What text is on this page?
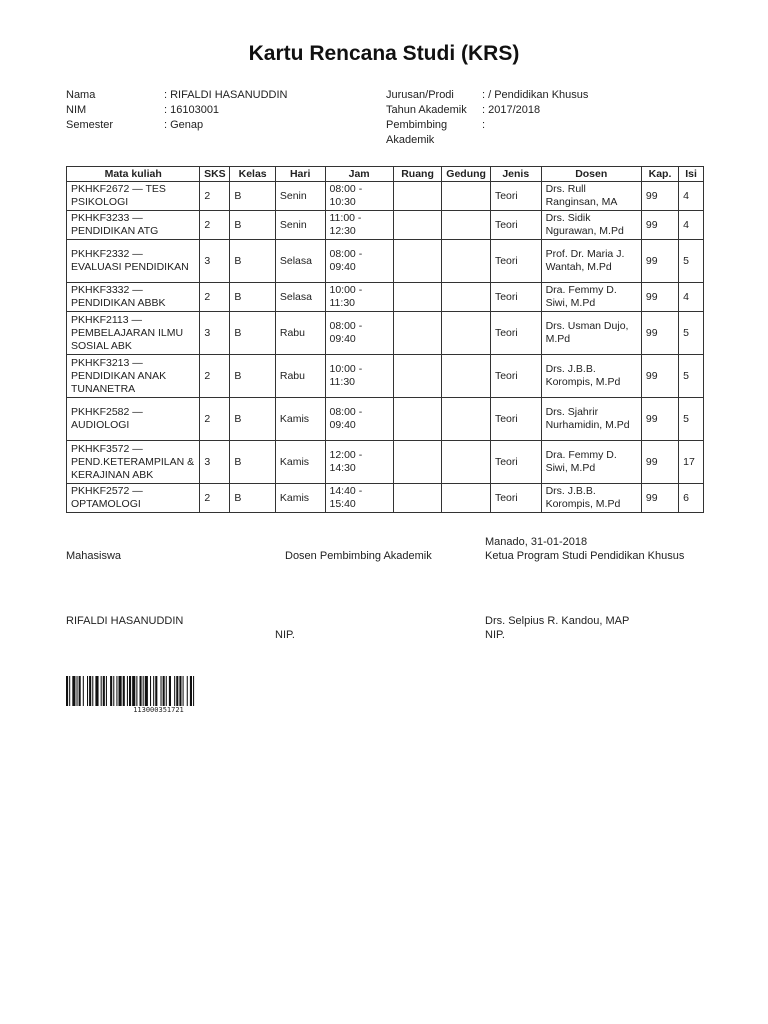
Kartu Rencana Studi (KRS)
Nama	: RIFALDI HASANUDDIN
NIM	: 16103001
Semester	: Genap
Jurusan/Prodi	: / Pendidikan Khusus
Tahun Akademik	: 2017/2018
Pembimbing
Akademik
:
Mata kuliah	SKS	Kelas	Hari	Jam	Ruang	Gedung	Jenis	Dosen	Kap.	Isi
PKHKF2672 — TES PSIKOLOGI	2	B	Senin	08:00 - 10:30			Teori	Drs. Rull Ranginsan, MA	99	4
PKHKF3233 — PENDIDIKAN ATG	2	B	Senin	11:00 - 12:30			Teori	Drs. Sidik Ngurawan, M.Pd	99	4
PKHKF2332 — EVALUASI PENDIDIKAN	3	B	Selasa	08:00 - 09:40			Teori	Prof. Dr. Maria J. Wantah, M.Pd	99	5
PKHKF3332 — PENDIDIKAN ABBK	2	B	Selasa	10:00 - 11:30			Teori	Dra. Femmy D. Siwi, M.Pd	99	4
PKHKF2113 — PEMBELAJARAN ILMU SOSIAL ABK	3	B	Rabu	08:00 - 09:40			Teori	Drs. Usman Dujo, M.Pd	99	5
PKHKF3213 — PENDIDIKAN ANAK TUNANETRA	2	B	Rabu	10:00 - 11:30			Teori	Drs. J.B.B. Korompis, M.Pd	99	5
PKHKF2582 — AUDIOLOGI	2	B	Kamis	08:00 - 09:40			Teori	Drs. Sjahrir Nurhamidin, M.Pd	99	5
PKHKF3572 — PEND.KETERAMPILAN & KERAJINAN ABK	3	B	Kamis	12:00 - 14:30			Teori	Dra. Femmy D. Siwi, M.Pd	99	17
PKHKF2572 — OPTAMOLOGI	2	B	Kamis	14:40 - 15:40			Teori	Drs. J.B.B. Korompis, M.Pd	99	6
Manado, 31-01-2018
Mahasiswa	Dosen Pembimbing Akademik	Ketua Program Studi Pendidikan Khusus
RIFALDI HASANUDDIN	Drs. Selpius R. Kandou, MAP
NIP.	NIP.
113000351721
